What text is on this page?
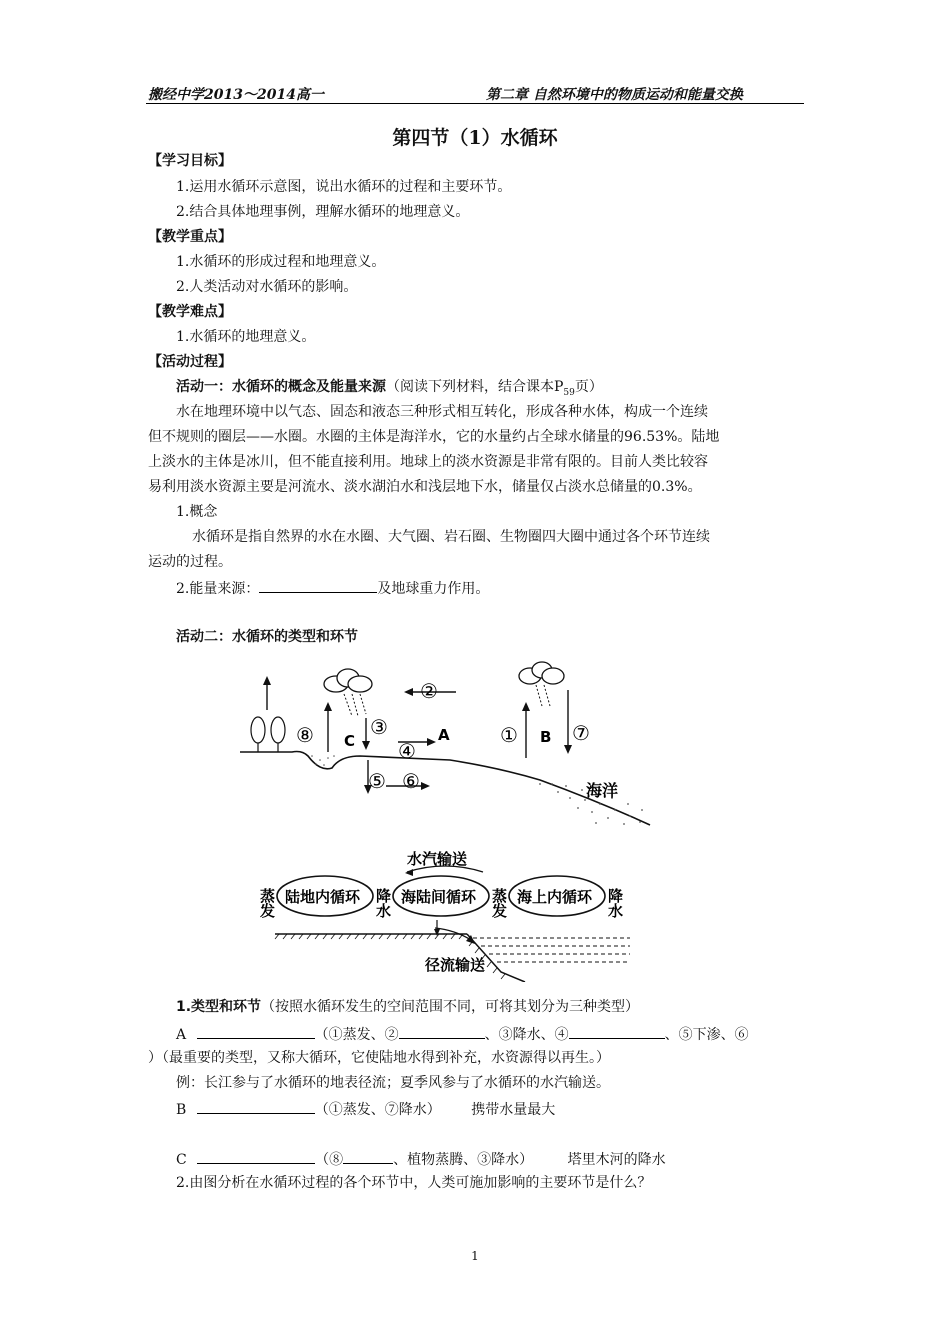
搬经中学2013～2014高一	第二章 自然环境中的物质运动和能量交换
第四节（1）水循环
【学习目标】
1.运用水循环示意图，说出水循环的过程和主要环节。
2.结合具体地理事例，理解水循环的地理意义。
【教学重点】
1.水循环的形成过程和地理意义。
2.人类活动对水循环的影响。
【教学难点】
1.水循环的地理意义。
【活动过程】
活动一：水循环的概念及能量来源（阅读下列材料，结合课本$P_{59}$页）
水在地理环境中以气态、固态和液态三种形式相互转化，形成各种水体，构成一个连续
但不规则的圈层——水圈。水圈的主体是海洋水，它的水量约占全球水储量的96.53%。陆地
上淡水的主体是冰川，但不能直接利用。地球上的淡水资源是非常有限的。目前人类比较容
易利用淡水资源主要是河流水、淡水湖泊水和浅层地下水，储量仅占淡水总储量的0.3%。
1.概念
水循环是指自然界的水在水圈、大气圈、岩石圈、生物圈四大圈中通过各个环节连续
运动的过程。
2.能量来源：	及地球重力作用。
活动二：水循环的类型和环节
②
③
④
⑤ ⑥
①	⑦
⑧	A	B
C
海洋
水汽输送
陆地内循环	海陆间循环	海上内循环
蒸发	降水	蒸发	降水
径流输送
1.类型和环节（按照水循环发生的空间范围不同，可将其划分为三种类型）
A	（①蒸发、②	、③降水、④	、⑤下渗、⑥
）（最重要的类型，又称大循环，它使陆地水得到补充，水资源得以再生。）
例：长江参与了水循环的地表径流；夏季风参与了水循环的水汽输送。
B	（①蒸发、⑦降水） 携带水量最大
C	（⑧	、植物蒸腾、③降水） 塔里木河的降水
2.由图分析在水循环过程的各个环节中，人类可施加影响的主要环节是什么？
1
